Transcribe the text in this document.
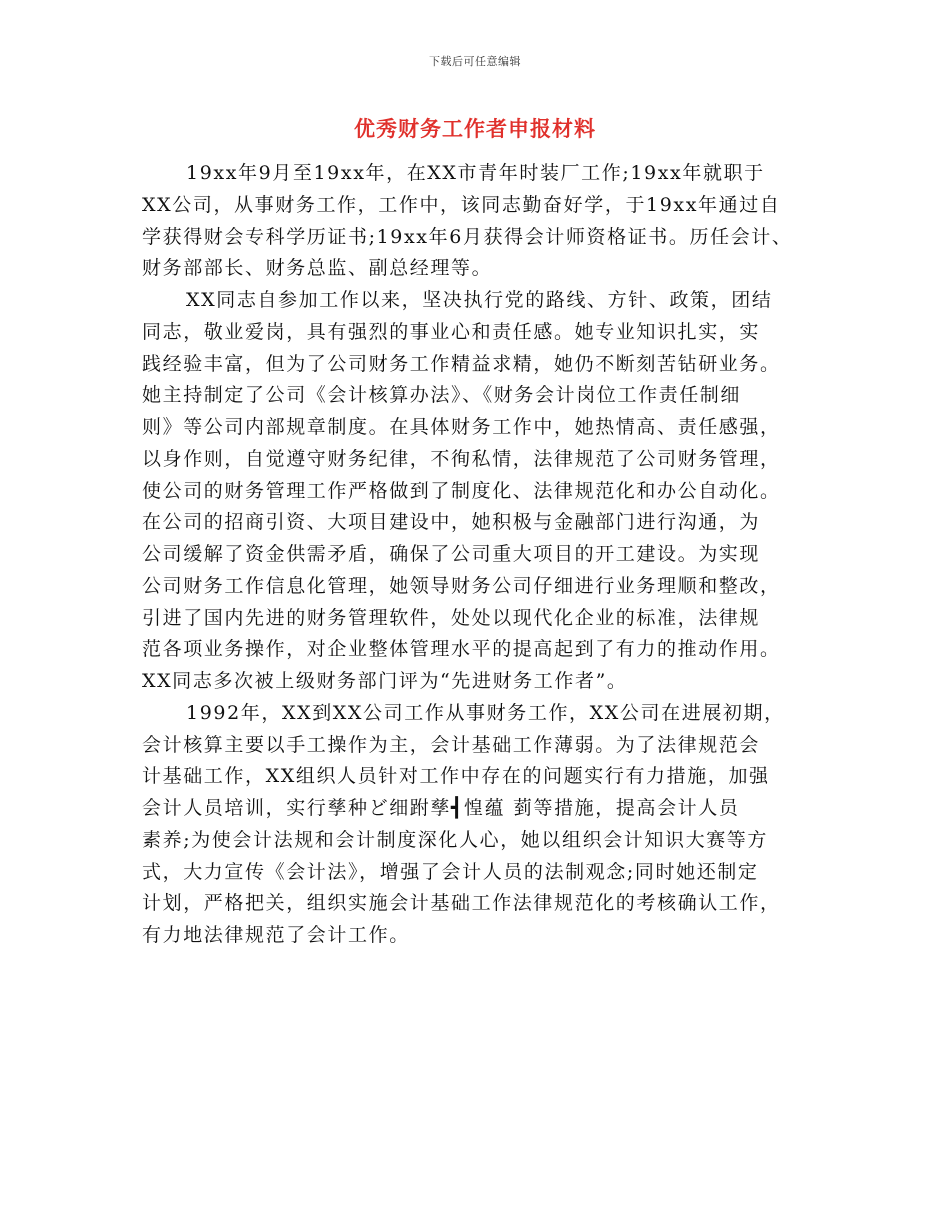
下载后可任意编辑
优秀财务工作者申报材料
19xx年9月至19xx年，在XX市青年时装厂工作;19xx年就职于
XX公司，从事财务工作，工作中，该同志勤奋好学，于19xx年通过自
学获得财会专科学历证书;19xx年6月获得会计师资格证书。历任会计、
财务部部长、财务总监、副总经理等。
XX同志自参加工作以来，坚决执行党的路线、方针、政策，团结
同志，敬业爱岗，具有强烈的事业心和责任感。她专业知识扎实，实
践经验丰富，但为了公司财务工作精益求精，她仍不断刻苦钻研业务。
她主持制定了公司《会计核算办法》、《财务会计岗位工作责任制细
则》等公司内部规章制度。在具体财务工作中，她热情高、责任感强，
以身作则，自觉遵守财务纪律，不徇私情，法律规范了公司财务管理，
使公司的财务管理工作严格做到了制度化、法律规范化和办公自动化。
在公司的招商引资、大项目建设中，她积极与金融部门进行沟通，为
公司缓解了资金供需矛盾，确保了公司重大项目的开工建设。为实现
公司财务工作信息化管理，她领导财务公司仔细进行业务理顺和整改，
引进了国内先进的财务管理软件，处处以现代化企业的标准，法律规
范各项业务操作，对企业整体管理水平的提高起到了有力的推动作用。
XX同志多次被上级财务部门评为“先进财务工作者”。
1992年，XX到XX公司工作从事财务工作，XX公司在进展初期，
会计核算主要以手工操作为主，会计基础工作薄弱。为了法律规范会
计基础工作，XX组织人员针对工作中存在的问题实行有力措施，加强
会计人员培训，实行孳种ど细跗孳┫惶蕴 菿等措施，提高会计人员
素养;为使会计法规和会计制度深化人心，她以组织会计知识大赛等方
式，大力宣传《会计法》，增强了会计人员的法制观念;同时她还制定
计划，严格把关，组织实施会计基础工作法律规范化的考核确认工作，
有力地法律规范了会计工作。
